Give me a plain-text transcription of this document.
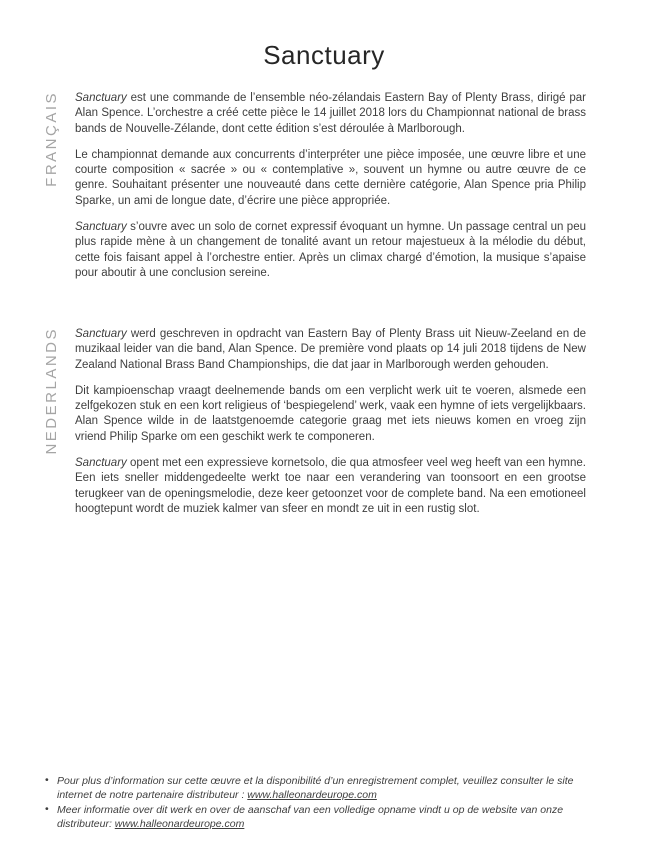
Sanctuary
FRANÇAIS Sanctuary est une commande de l’ensemble néo-zélandais Eastern Bay of Plenty Brass, dirigé par Alan Spence. L’orchestre a créé cette pièce le 14 juillet 2018 lors du Championnat national de brass bands de Nouvelle-Zélande, dont cette édition s’est déroulée à Marlborough.

Le championnat demande aux concurrents d’interpréter une pièce imposée, une œuvre libre et une courte composition « sacrée » ou « contemplative », souvent un hymne ou autre œuvre de ce genre. Souhaitant présenter une nouveauté dans cette dernière catégorie, Alan Spence pria Philip Sparke, un ami de longue date, d’écrire une pièce appropriée.

Sanctuary s’ouvre avec un solo de cornet expressif évoquant un hymne. Un passage central un peu plus rapide mène à un changement de tonalité avant un retour majestueux à la mélodie du début, cette fois faisant appel à l’orchestre entier. Après un climax chargé d’émotion, la musique s’apaise pour aboutir à une conclusion sereine.

NEDERLANDS Sanctuary werd geschreven in opdracht van Eastern Bay of Plenty Brass uit Nieuw-Zeeland en de muzikaal leider van die band, Alan Spence. De première vond plaats op 14 juli 2018 tijdens de New Zealand National Brass Band Championships, die dat jaar in Marlborough werden gehouden.

Dit kampioenschap vraagt deelnemende bands om een verplicht werk uit te voeren, alsmede een zelfgekozen stuk en een kort religieus of ‘bespiegelend’ werk, vaak een hymne of iets vergelijkbaars. Alan Spence wilde in de laatstgenoemde categorie graag met iets nieuws komen en vroeg zijn vriend Philip Sparke om een geschikt werk te componeren.

Sanctuary opent met een expressieve kornetsolo, die qua atmosfeer veel weg heeft van een hymne. Een iets sneller middengedeelte werkt toe naar een verandering van toonsoort en een grootse terugkeer van de openingsmelodie, deze keer getoonzet voor de complete band. Na een emotioneel hoogtepunt wordt de muziek kalmer van sfeer en mondt ze uit in een rustig slot.

• Pour plus d’information sur cette œuvre et la disponibilité d’un enregistrement complet, veuillez consulter le site internet de notre partenaire distributeur : www.halleonardeurope.com
• Meer informatie over dit werk en over de aanschaf van een volledige opname vindt u op de website van onze distributeur: www.halleonardeurope.com
